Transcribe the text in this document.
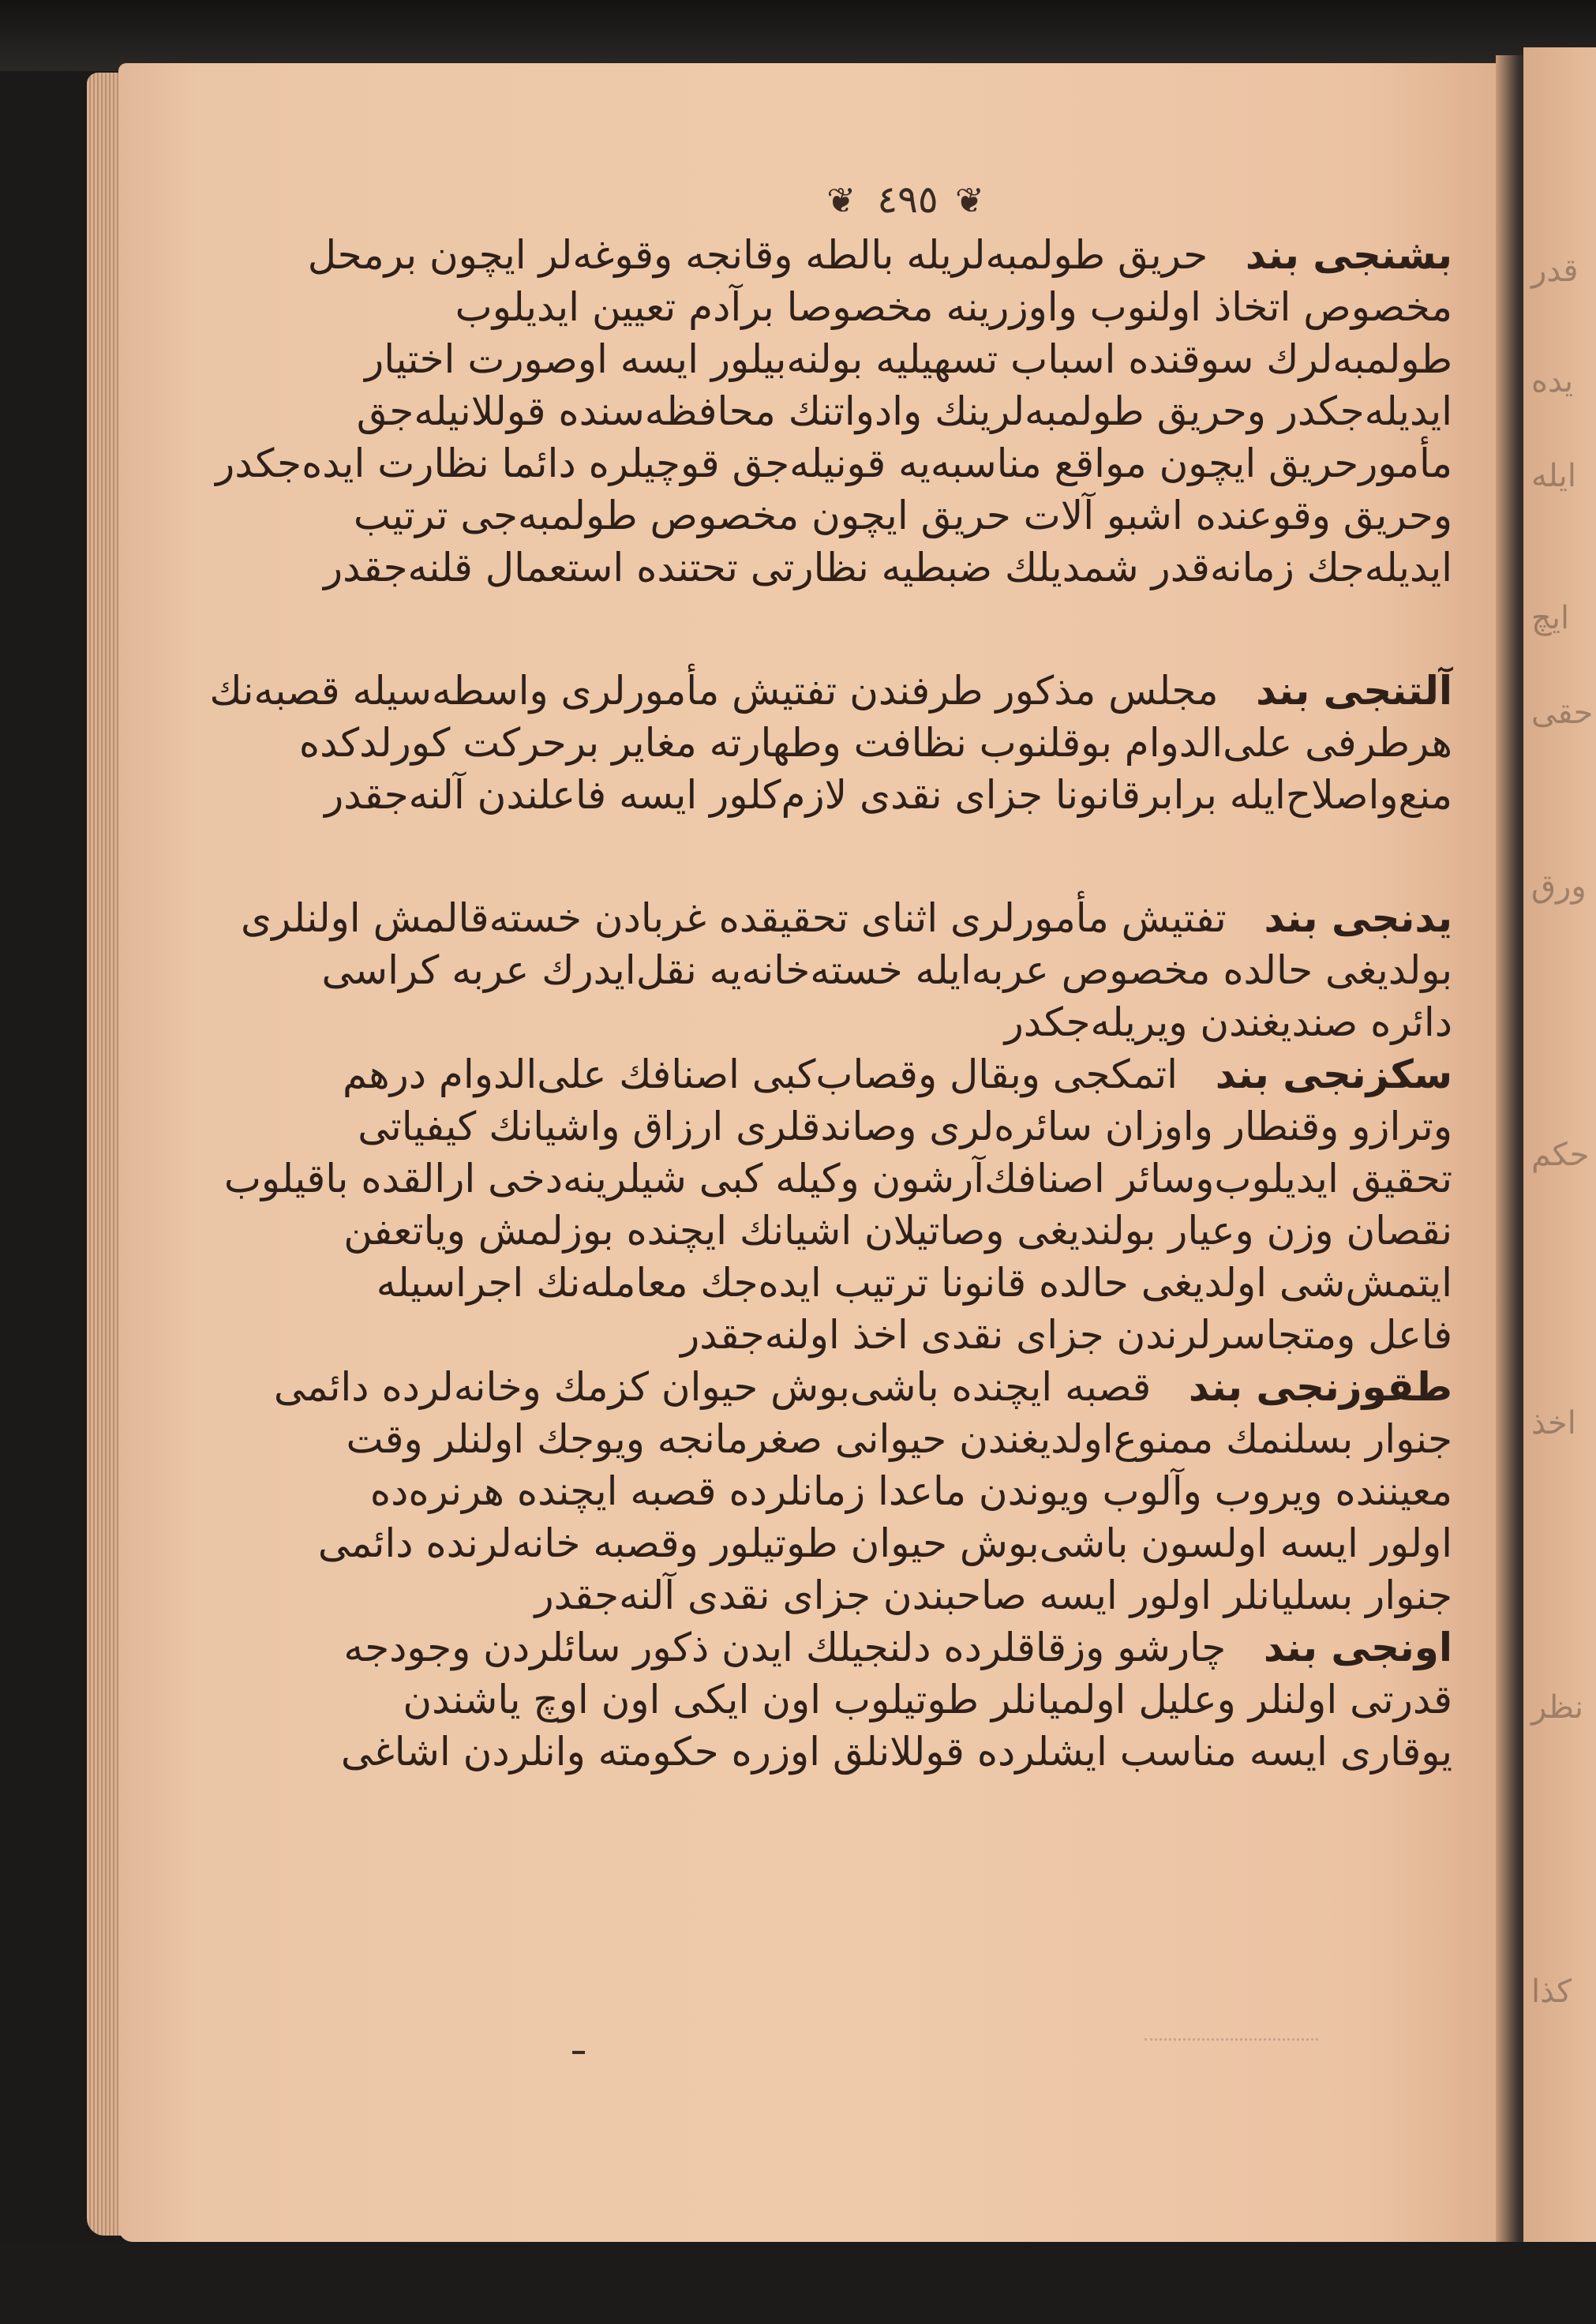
❦ ٤٩٥ ❦
بشنجی بند   حریق طولمبه‌لریله بالطه وقانجه وقوغه‌لر ایچون برمحل
مخصوص اتخاذ اولنوب واوزرینه مخصوصا برآدم تعیین ایدیلوب
طولمبه‌لرك سوقنده اسباب تسهیلیه بولنه‌بیلور ایسه اوصورت اختیار
ایدیله‌جکدر وحریق طولمبه‌لرینك وادواتنك محافظه‌سنده قوللانیله‌جق
مأمورحریق ایچون مواقع مناسبه‌یه قونیله‌جق قوچیلره دائما نظارت ایده‌جکدر
وحریق وقوعنده اشبو آلات حریق ایچون مخصوص طولمبه‌جی ترتیب
ایدیله‌جك زمانه‌قدر شمدیلك ضبطیه نظارتی تحتنده استعمال قلنه‌جقدر
آلتنجی بند   مجلس مذکور طرفندن تفتیش مأمورلری واسطه‌سیله قصبه‌نك
هرطرفی علی‌الدوام بوقلنوب نظافت وطهارته مغایر برحرکت کورلدکده
منع‌واصلاح‌ایله برابرقانونا جزای نقدی لازم‌کلور ایسه فاعلندن آلنه‌جقدر
یدنجی بند   تفتیش مأمورلری اثنای تحقیقده غربادن خسته‌قالمش اولنلری
بولدیغی حالده مخصوص عربه‌ایله خسته‌خانه‌یه نقل‌ایدرك عربه کراسی
دائره صندیغندن ویریله‌جکدر
سکزنجی بند   اتمکجی وبقال وقصاب‌کبی اصنافك علی‌الدوام درهم
وترازو وقنطار واوزان سائره‌لری وصاندقلری ارزاق واشیانك کیفیاتی
تحقیق ایدیلوب‌وسائر اصنافك‌آرشون وکیله کبی شیلرینه‌دخی ارالقده باقیلوب
نقصان وزن وعیار بولندیغی وصاتیلان اشیانك ایچنده بوزلمش ویاتعفن
ایتمش‌شی اولدیغی حالده قانونا ترتیب ایده‌جك معامله‌نك اجراسیله
فاعل ومتجاسرلرندن جزای نقدی اخذ اولنه‌جقدر
طقوزنجی بند   قصبه ایچنده باشی‌بوش حیوان کزمك وخانه‌لرده دائمی
جنوار بسلنمك ممنوع‌اولدیغندن حیوانی صغرمانجه ویوجك اولنلر وقت
معیننده ویروب وآلوب ویوندن ماعدا زمانلرده قصبه ایچنده هرنره‌ده
اولور ایسه اولسون باشی‌بوش حیوان طوتیلور وقصبه خانه‌لرنده دائمی
جنوار بسلیانلر اولور ایسه صاحبندن جزای نقدی آلنه‌جقدر
اونجی بند   چارشو وزقاقلرده دلنجیلك ایدن ذکور سائلردن وجودجه
قدرتی اولنلر وعلیل اولمیانلر طوتیلوب اون ایکی اون اوچ یاشندن
یوقاری ایسه مناسب ایشلرده قوللانلق اوزره حکومته وانلردن اشاغی
قدر
یده
ایله
ایچ
حقی
ورق
حکم
اخذ
نظر
کذا
